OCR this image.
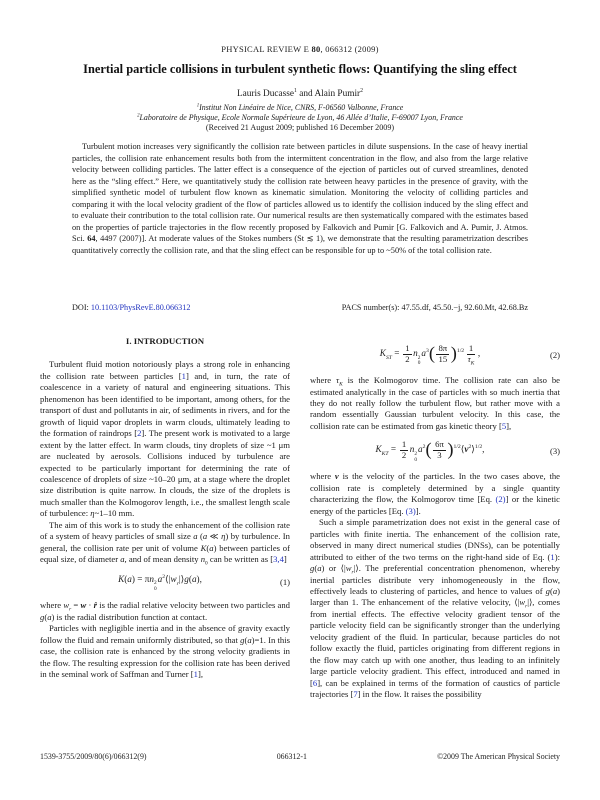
PHYSICAL REVIEW E 80, 066312 (2009)
Inertial particle collisions in turbulent synthetic flows: Quantifying the sling effect
Lauris Ducasse$^1$ and Alain Pumir$^2$
$^1$Institut Non Linéaire de Nice, CNRS, F-06560 Valbonne, France
$^2$Laboratoire de Physique, Ecole Normale Supérieure de Lyon, 46 Allée d’Italie, F-69007 Lyon, France
(Received 21 August 2009; published 16 December 2009)
Turbulent motion increases very significantly the collision rate between particles in dilute suspensions. In the case of heavy inertial particles, the collision rate enhancement results both from the intermittent concentration in the flow, and also from the large relative velocity between colliding particles. The latter effect is a consequence of the ejection of particles out of curved streamlines, denoted here as the “sling effect.” Here, we quantitatively study the collision rate between heavy particles in the presence of gravity, with the simplified synthetic model of turbulent flow known as kinematic simulation. Monitoring the velocity of colliding particles and comparing it with the local velocity gradient of the flow of particles allowed us to identify the collision induced by the sling effect and to evaluate their contribution to the total collision rate. Our numerical results are then systematically compared with the estimates based on the properties of particle trajectories in the flow recently proposed by Falkovich and Pumir [G. Falkovich and A. Pumir, J. Atmos. Sci. 64, 4497 (2007)]. At moderate values of the Stokes numbers (St ≲ 1), we demonstrate that the resulting parametrization describes quantitatively correctly the collision rate, and that the sling effect can be responsible for up to ~50% of the total collision rate.
DOI: 10.1103/PhysRevE.80.066312	PACS number(s): 47.55.df, 45.50.−j, 92.60.Mt, 42.68.Bz
I. INTRODUCTION

Turbulent fluid motion notoriously plays a strong role in enhancing the collision rate between particles [1] and, in turn, the rate of coalescence in a variety of natural and engineering situations. This phenomenon has been identified to be important, among others, for the transport of dust and pollutants in air, of sediments in rivers, and for the growth of liquid vapor droplets in warm clouds, ultimately leading to the formation of raindrops [2]. The present work is motivated to a large extent by the latter effect. In warm clouds, tiny droplets of size ~1 μm are nucleated by aerosols. Collisions induced by turbulence are expected to be particularly important for determining the rate of coalescence of droplets of size ~10–20 μm, at a stage where the droplet size distribution is quite narrow. In clouds, the size of the droplets is much smaller than the Kolmogorov length, i.e., the smallest length scale of turbulence: η~1–10 mm.

The aim of this work is to study the enhancement of the collision rate of a system of heavy particles of small size a (a ≪ η) by turbulence. In general, the collision rate per unit of volume K(a) between particles of equal size, of diameter a, and of mean density $n_0$ can be written as [3,4]

K(a) = πn 2
0
$a^2⟨|w_r|⟩g(a)$,	(1)

where $w_r = w$ · r̂ is the radial relative velocity between two particles and g(a) is the radial distribution function at contact.

Particles with negligible inertia and in the absence of gravity exactly follow the fluid and remain uniformly distributed, so that g(a)=1. In this case, the collision rate is enhanced by the strong velocity gradients in the flow. The resulting expression for the collision rate has been derived in the seminal work of Saffman and Turner [1],

$K_{ST} = \frac{1}{2}$ n 2
0
$a^3( \frac{8\pi}{15} )^{1/2} \frac{1}{\tau_K}$ ,	(2)

where $\tau_K$ is the Kolmogorov time. The collision rate can also be estimated analytically in the case of particles with so much inertia that they do not really follow the turbulent flow, but rather move with a random essentially Gaussian turbulent velocity. In this case, the collision rate can be estimated from gas kinetic theory [5],

$K_{KT} = \frac{1}{2}$ n 2
0
$a^2( \frac{6\pi}{3}$ )$^{1/2}⟨v^2⟩^{1/2}$,	(3)

where v is the velocity of the particles. In the two cases above, the collision rate is completely determined by a single quantity characterizing the flow, the Kolmogorov time [Eq. (2)] or the kinetic energy of the particles [Eq. (3)].

Such a simple parametrization does not exist in the general case of particles with finite inertia. The enhancement of the collision rate, observed in many direct numerical studies (DNSs), can be potentially attributed to either of the two terms on the right-hand side of Eq. (1): g(a) or $⟨|w_r|⟩$. The preferential concentration phenomenon, whereby inertial particles distribute very inhomogeneously in the flow, effectively leads to clustering of particles, and hence to values of g(a) larger than 1. The enhancement of the relative velocity, $⟨|w_r|⟩$, comes from inertial effects. The effective velocity gradient tensor of the particle velocity field can be significantly stronger than the underlying velocity gradient of the fluid. In particular, because particles do not follow exactly the fluid, particles originating from different regions in the flow may catch up with one another, thus leading to an infinitely large particle velocity gradient. This effect, introduced and named in [6], can be explained in terms of the formation of caustics of particle trajectories [7] in the flow. It raises the possibility

1539-3755/2009/80(6)/066312(9)	066312-1	©2009 The American Physical Society
